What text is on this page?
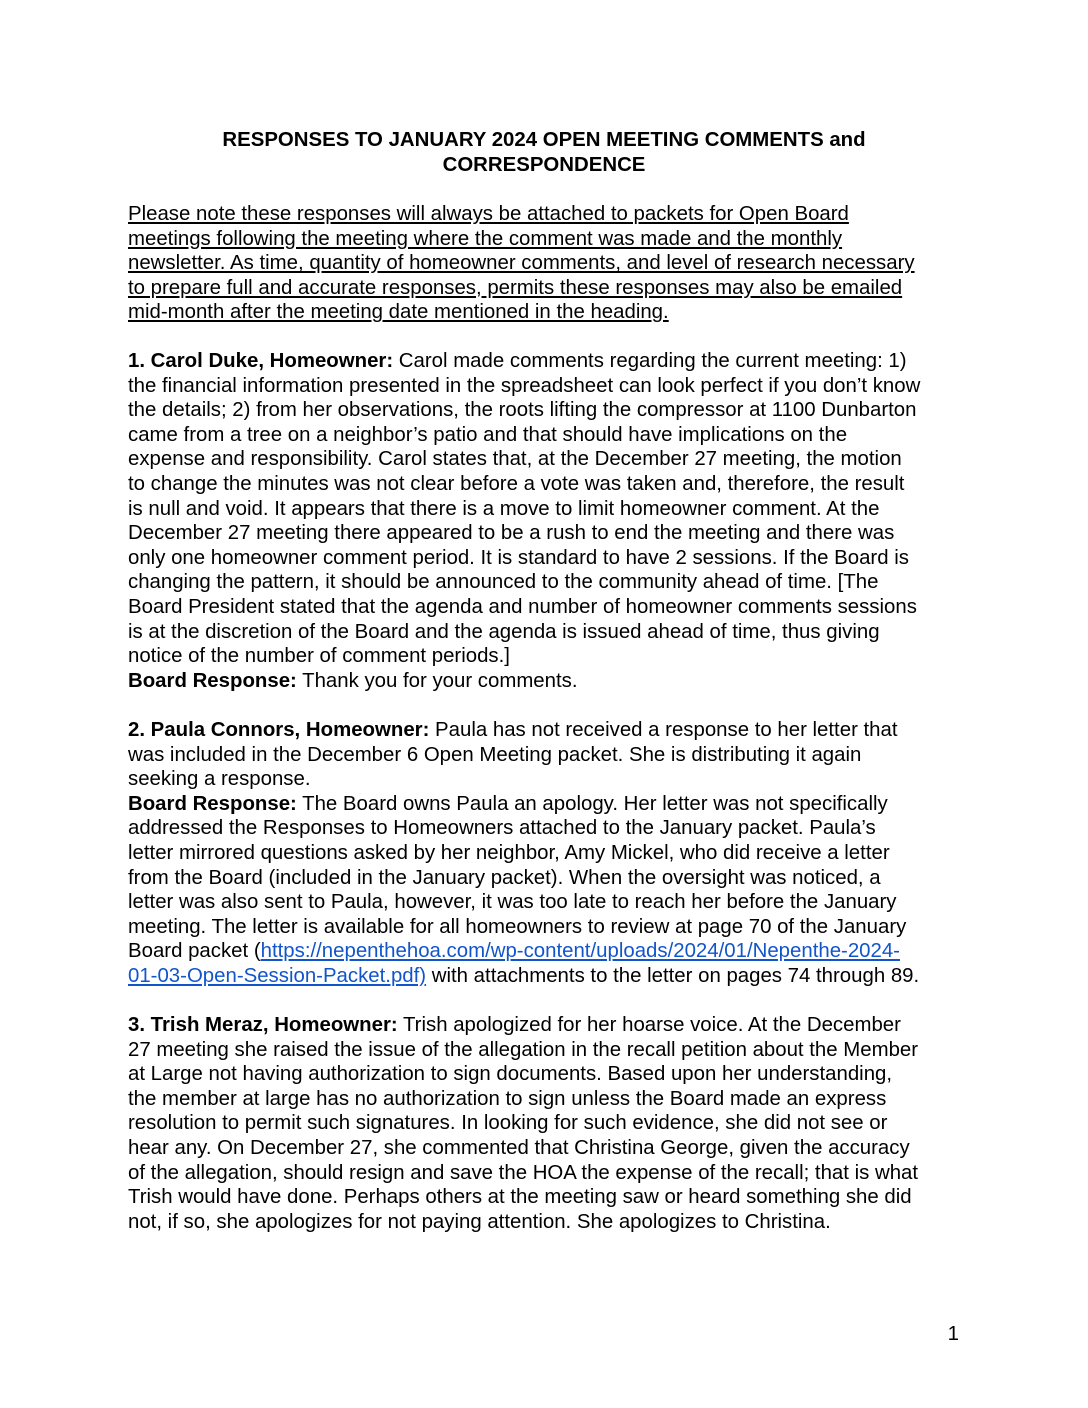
RESPONSES TO JANUARY 2024 OPEN MEETING COMMENTS and
CORRESPONDENCE

Please note these responses will always be attached to packets for Open Board
meetings following the meeting where the comment was made and the monthly
newsletter. As time, quantity of homeowner comments, and level of research necessary
to prepare full and accurate responses, permits these responses may also be emailed
mid-month after the meeting date mentioned in the heading.

1. Carol Duke, Homeowner: Carol made comments regarding the current meeting: 1)
the financial information presented in the spreadsheet can look perfect if you don’t know
the details; 2) from her observations, the roots lifting the compressor at 1100 Dunbarton
came from a tree on a neighbor’s patio and that should have implications on the
expense and responsibility. Carol states that, at the December 27 meeting, the motion
to change the minutes was not clear before a vote was taken and, therefore, the result
is null and void. It appears that there is a move to limit homeowner comment. At the
December 27 meeting there appeared to be a rush to end the meeting and there was
only one homeowner comment period. It is standard to have 2 sessions. If the Board is
changing the pattern, it should be announced to the community ahead of time. [The
Board President stated that the agenda and number of homeowner comments sessions
is at the discretion of the Board and the agenda is issued ahead of time, thus giving
notice of the number of comment periods.]
Board Response: Thank you for your comments.
2. Paula Connors, Homeowner: Paula has not received a response to her letter that
was included in the December 6 Open Meeting packet. She is distributing it again
seeking a response.
Board Response: The Board owns Paula an apology. Her letter was not specifically
addressed the Responses to Homeowners attached to the January packet. Paula’s
letter mirrored questions asked by her neighbor, Amy Mickel, who did receive a letter
from the Board (included in the January packet). When the oversight was noticed, a
letter was also sent to Paula, however, it was too late to reach her before the January
meeting. The letter is available for all homeowners to review at page 70 of the January
Board packet (https://nepenthehoa.com/wp-content/uploads/2024/01/Nepenthe-2024-
01-03-Open-Session-Packet.pdf) with attachments to the letter on pages 74 through 89.
3. Trish Meraz, Homeowner: Trish apologized for her hoarse voice. At the December
27 meeting she raised the issue of the allegation in the recall petition about the Member
at Large not having authorization to sign documents. Based upon her understanding,
the member at large has no authorization to sign unless the Board made an express
resolution to permit such signatures. In looking for such evidence, she did not see or
hear any. On December 27, she commented that Christina George, given the accuracy
of the allegation, should resign and save the HOA the expense of the recall; that is what
Trish would have done. Perhaps others at the meeting saw or heard something she did
not, if so, she apologizes for not paying attention. She apologizes to Christina.
1
